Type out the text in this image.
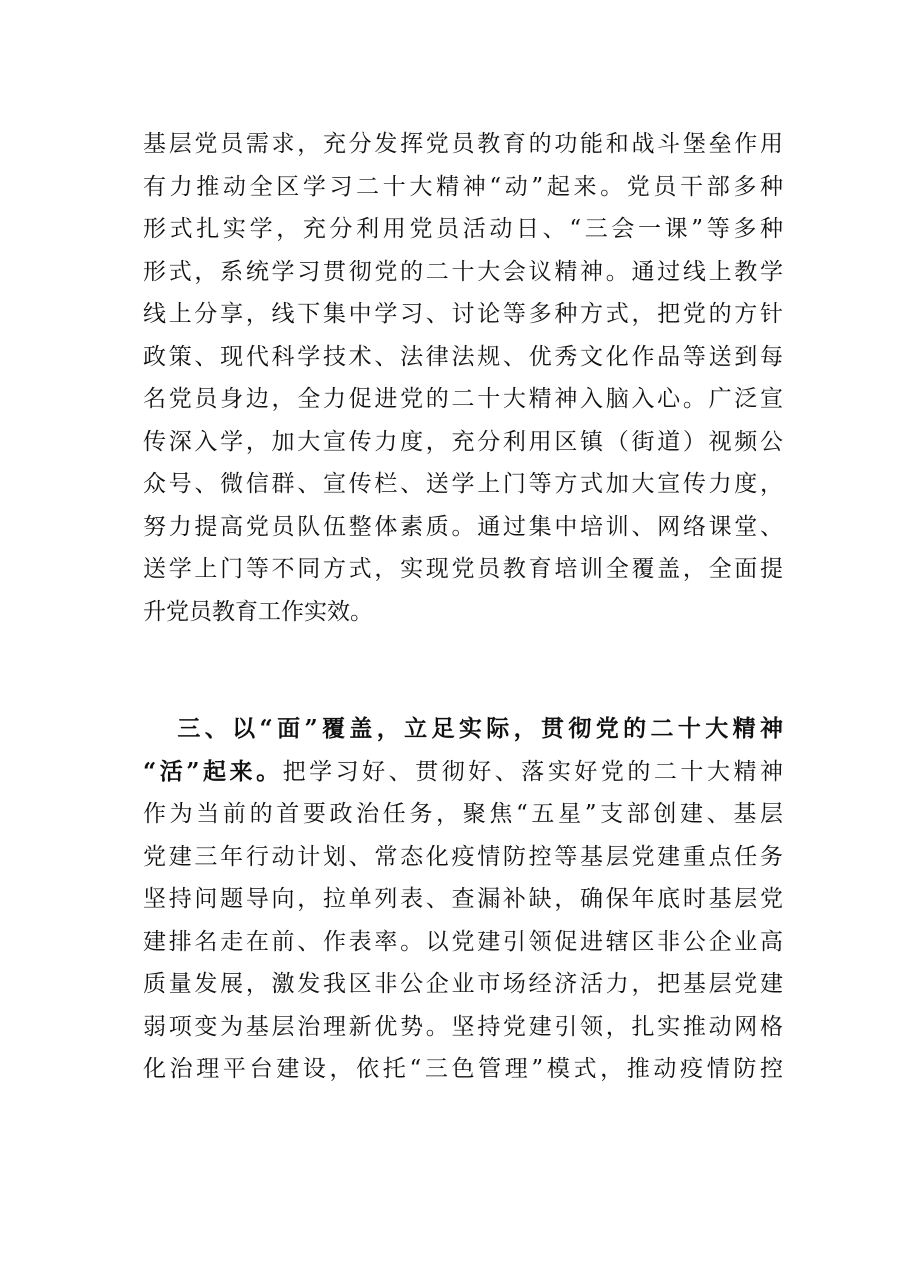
基层党员需求，充分发挥党员教育的功能和战斗堡垒作用
有力推动全区学习二十大精神“动”起来。党员干部多种
形式扎实学，充分利用党员活动日、“三会一课”等多种
形式，系统学习贯彻党的二十大会议精神。通过线上教学
线上分享，线下集中学习、讨论等多种方式，把党的方针
政策、现代科学技术、法律法规、优秀文化作品等送到每
名党员身边，全力促进党的二十大精神入脑入心。广泛宣
传深入学，加大宣传力度，充分利用区镇（街道）视频公
众号、微信群、宣传栏、送学上门等方式加大宣传力度，
努力提高党员队伍整体素质。通过集中培训、网络课堂、
送学上门等不同方式，实现党员教育培训全覆盖，全面提
升党员教育工作实效。
三、以“面”覆盖，立足实际，贯彻党的二十大精神
“活”起来。把学习好、贯彻好、落实好党的二十大精神
作为当前的首要政治任务，聚焦“五星”支部创建、基层
党建三年行动计划、常态化疫情防控等基层党建重点任务
坚持问题导向，拉单列表、查漏补缺，确保年底时基层党
建排名走在前、作表率。以党建引领促进辖区非公企业高
质量发展，激发我区非公企业市场经济活力，把基层党建
弱项变为基层治理新优势。坚持党建引领，扎实推动网格
化治理平台建设，依托“三色管理”模式，推动疫情防控
